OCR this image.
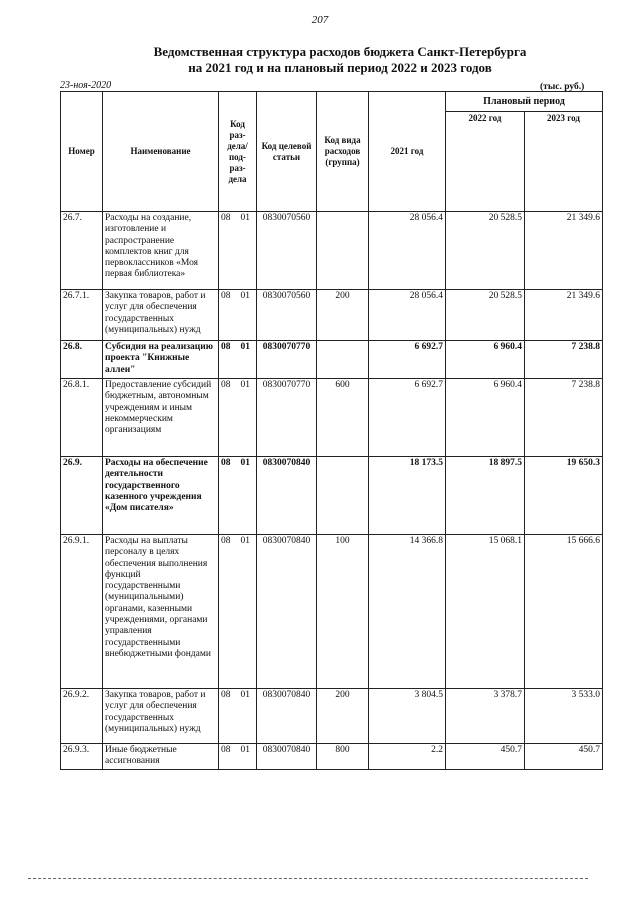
207
Ведомственная структура расходов бюджета Санкт-Петербурга
на 2021 год и на плановый период 2022 и 2023 годов
23-ноя-2020	(тыс. руб.)
Номер	Наименование	Код раз- дела/ под- раз- дела	Код целевой статьи	Код вида расходов (группа)	2021 год	Плановый период	
						2022 год	2023 год
26.7.	Расходы на создание, изготовление и распространение комплектов книг для первоклассников «Моя первая библиотека»	08 01	0830070560		28 056.4	20 528.5	21 349.6
26.7.1.	Закупка товаров, работ и услуг для обеспечения государственных (муниципальных) нужд	08 01	0830070560	200	28 056.4	20 528.5	21 349.6
26.8.	Субсидия на реализацию проекта "Книжные аллеи"	08 01	0830070770		6 692.7	6 960.4	7 238.8
26.8.1.	Предоставление субсидий бюджетным, автономным учреждениям и иным некоммерческим организациям	08 01	0830070770	600	6 692.7	6 960.4	7 238.8
26.9.	Расходы на обеспечение деятельности государственного казенного учреждения «Дом писателя»	08 01	0830070840		18 173.5	18 897.5	19 650.3
26.9.1.	Расходы на выплаты персоналу в целях обеспечения выполнения функций государственными (муниципальными) органами, казенными учреждениями, органами управления государственными внебюджетными фондами	08 01	0830070840	100	14 366.8	15 068.1	15 666.6
26.9.2.	Закупка товаров, работ и услуг для обеспечения государственных (муниципальных) нужд	08 01	0830070840	200	3 804.5	3 378.7	3 533.0
26.9.3.	Иные бюджетные ассигнования	08 01	0830070840	800	2.2	450.7	450.7
